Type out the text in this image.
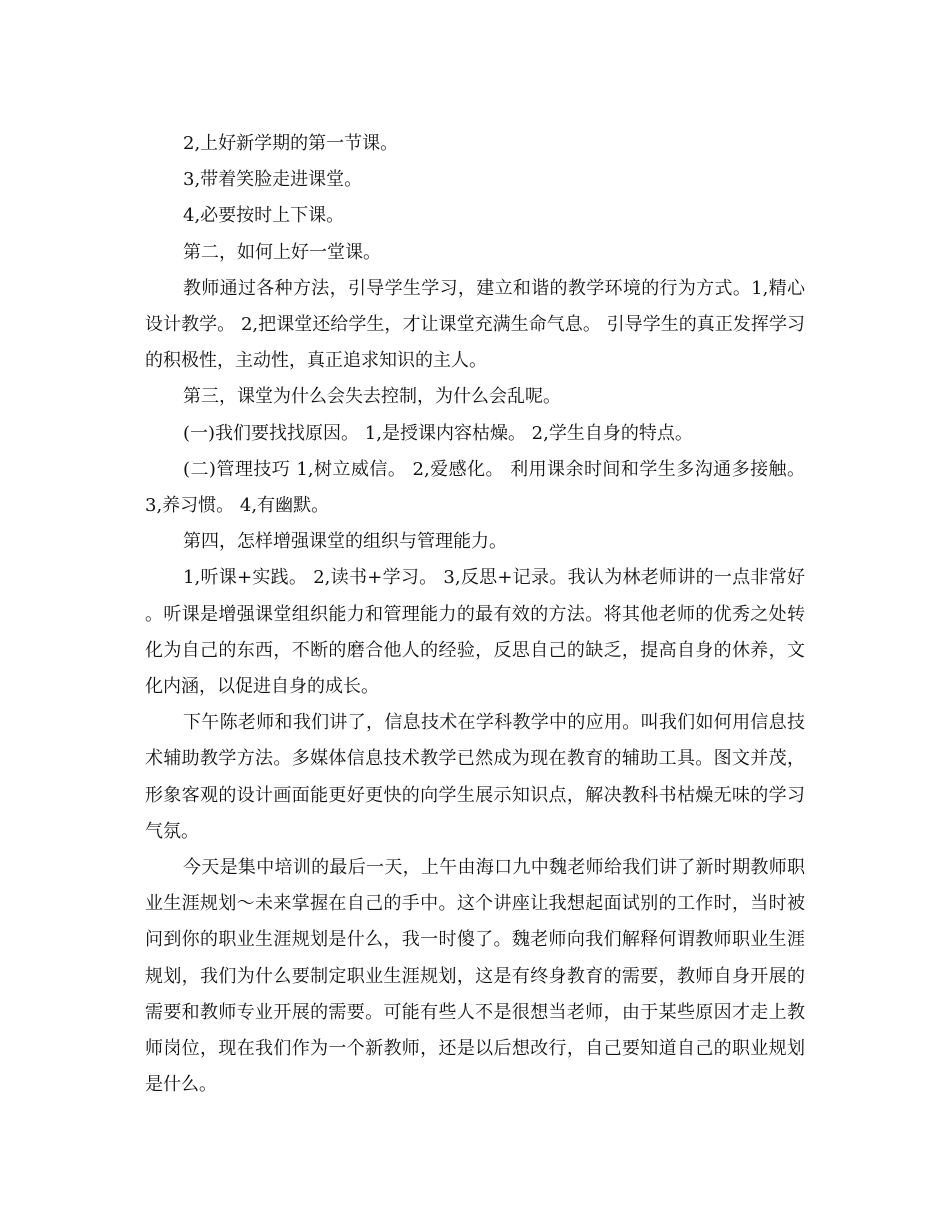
2,上好新学期的第一节课。

3,带着笑脸走进课堂。

4,必要按时上下课。

第二，如何上好一堂课。

教师通过各种方法，引导学生学习，建立和谐的教学环境的行为方式。1,精心设计教学。 2,把课堂还给学生，才让课堂充满生命气息。 引导学生的真正发挥学习的积极性，主动性，真正追求知识的主人。

第三，课堂为什么会失去控制，为什么会乱呢。

(一)我们要找找原因。 1,是授课内容枯燥。 2,学生自身的特点。

(二)管理技巧 1,树立威信。 2,爱感化。 利用课余时间和学生多沟通多接触。 3,养习惯。 4,有幽默。

第四，怎样增强课堂的组织与管理能力。

1,听课+实践。 2,读书+学习。 3,反思+记录。我认为林老师讲的一点非常好。听课是增强课堂组织能力和管理能力的最有效的方法。将其他老师的优秀之处转化为自己的东西，不断的磨合他人的经验，反思自己的缺乏，提高自身的休养，文化内涵，以促进自身的成长。

下午陈老师和我们讲了，信息技术在学科教学中的应用。叫我们如何用信息技术辅助教学方法。多媒体信息技术教学已然成为现在教育的辅助工具。图文并茂，形象客观的设计画面能更好更快的向学生展示知识点，解决教科书枯燥无味的学习气氛。

今天是集中培训的最后一天，上午由海口九中魏老师给我们讲了新时期教师职业生涯规划～未来掌握在自己的手中。这个讲座让我想起面试别的工作时，当时被问到你的职业生涯规划是什么，我一时傻了。魏老师向我们解释何谓教师职业生涯规划，我们为什么要制定职业生涯规划，这是有终身教育的需要，教师自身开展的需要和教师专业开展的需要。可能有些人不是很想当老师，由于某些原因才走上教师岗位，现在我们作为一个新教师，还是以后想改行，自己要知道自己的职业规划是什么。
